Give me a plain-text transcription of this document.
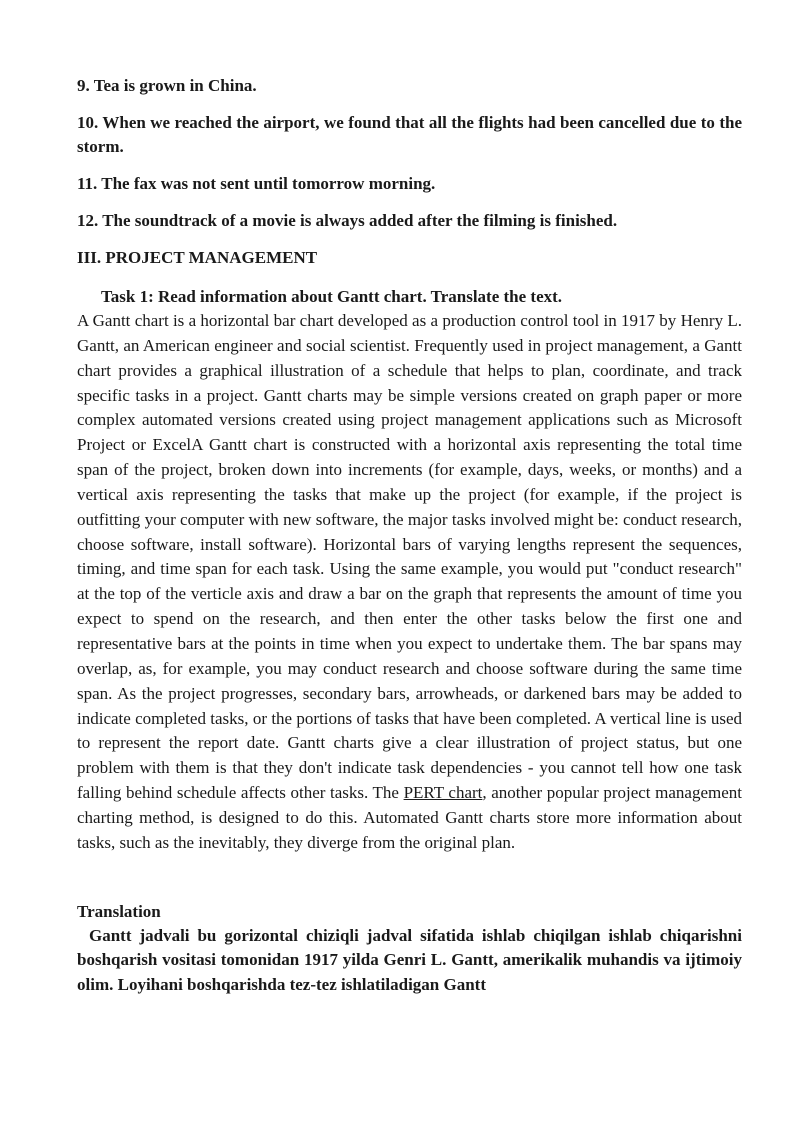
9. Tea is grown in China.
10. When we reached the airport, we found that all the flights had been cancelled due to the storm.
11. The fax was not sent until tomorrow morning.
12. The soundtrack of a movie is always added after the filming is finished.

III. PROJECT MANAGEMENT

Task 1: Read information about Gantt chart. Translate the text.

A Gantt chart is a horizontal bar chart developed as a production control tool in 1917 by Henry L. Gantt, an American engineer and social scientist. Frequently used in project management, a Gantt chart provides a graphical illustration of a schedule that helps to plan, coordinate, and track specific tasks in a project. Gantt charts may be simple versions created on graph paper or more complex automated versions created using project management applications such as Microsoft Project or ExcelA Gantt chart is constructed with a horizontal axis representing the total time span of the project, broken down into increments (for example, days, weeks, or months) and a vertical axis representing the tasks that make up the project (for example, if the project is outfitting your computer with new software, the major tasks involved might be: conduct research, choose software, install software). Horizontal bars of varying lengths represent the sequences, timing, and time span for each task. Using the same example, you would put "conduct research" at the top of the verticle axis and draw a bar on the graph that represents the amount of time you expect to spend on the research, and then enter the other tasks below the first one and representative bars at the points in time when you expect to undertake them. The bar spans may overlap, as, for example, you may conduct research and choose software during the same time span. As the project progresses, secondary bars, arrowheads, or darkened bars may be added to indicate completed tasks, or the portions of tasks that have been completed. A vertical line is used to represent the report date. Gantt charts give a clear illustration of project status, but one problem with them is that they don't indicate task dependencies - you cannot tell how one task falling behind schedule affects other tasks. The PERT chart, another popular project management charting method, is designed to do this. Automated Gantt charts store more information about tasks, such as the inevitably, they diverge from the original plan.

Translation

Gantt jadvali bu gorizontal chiziqli jadval sifatida ishlab chiqilgan ishlab chiqarishni boshqarish vositasi tomonidan 1917 yilda Genri L. Gantt, amerikalik muhandis va ijtimoiy olim. Loyihani boshqarishda tez-tez ishlatiladigan Gantt
